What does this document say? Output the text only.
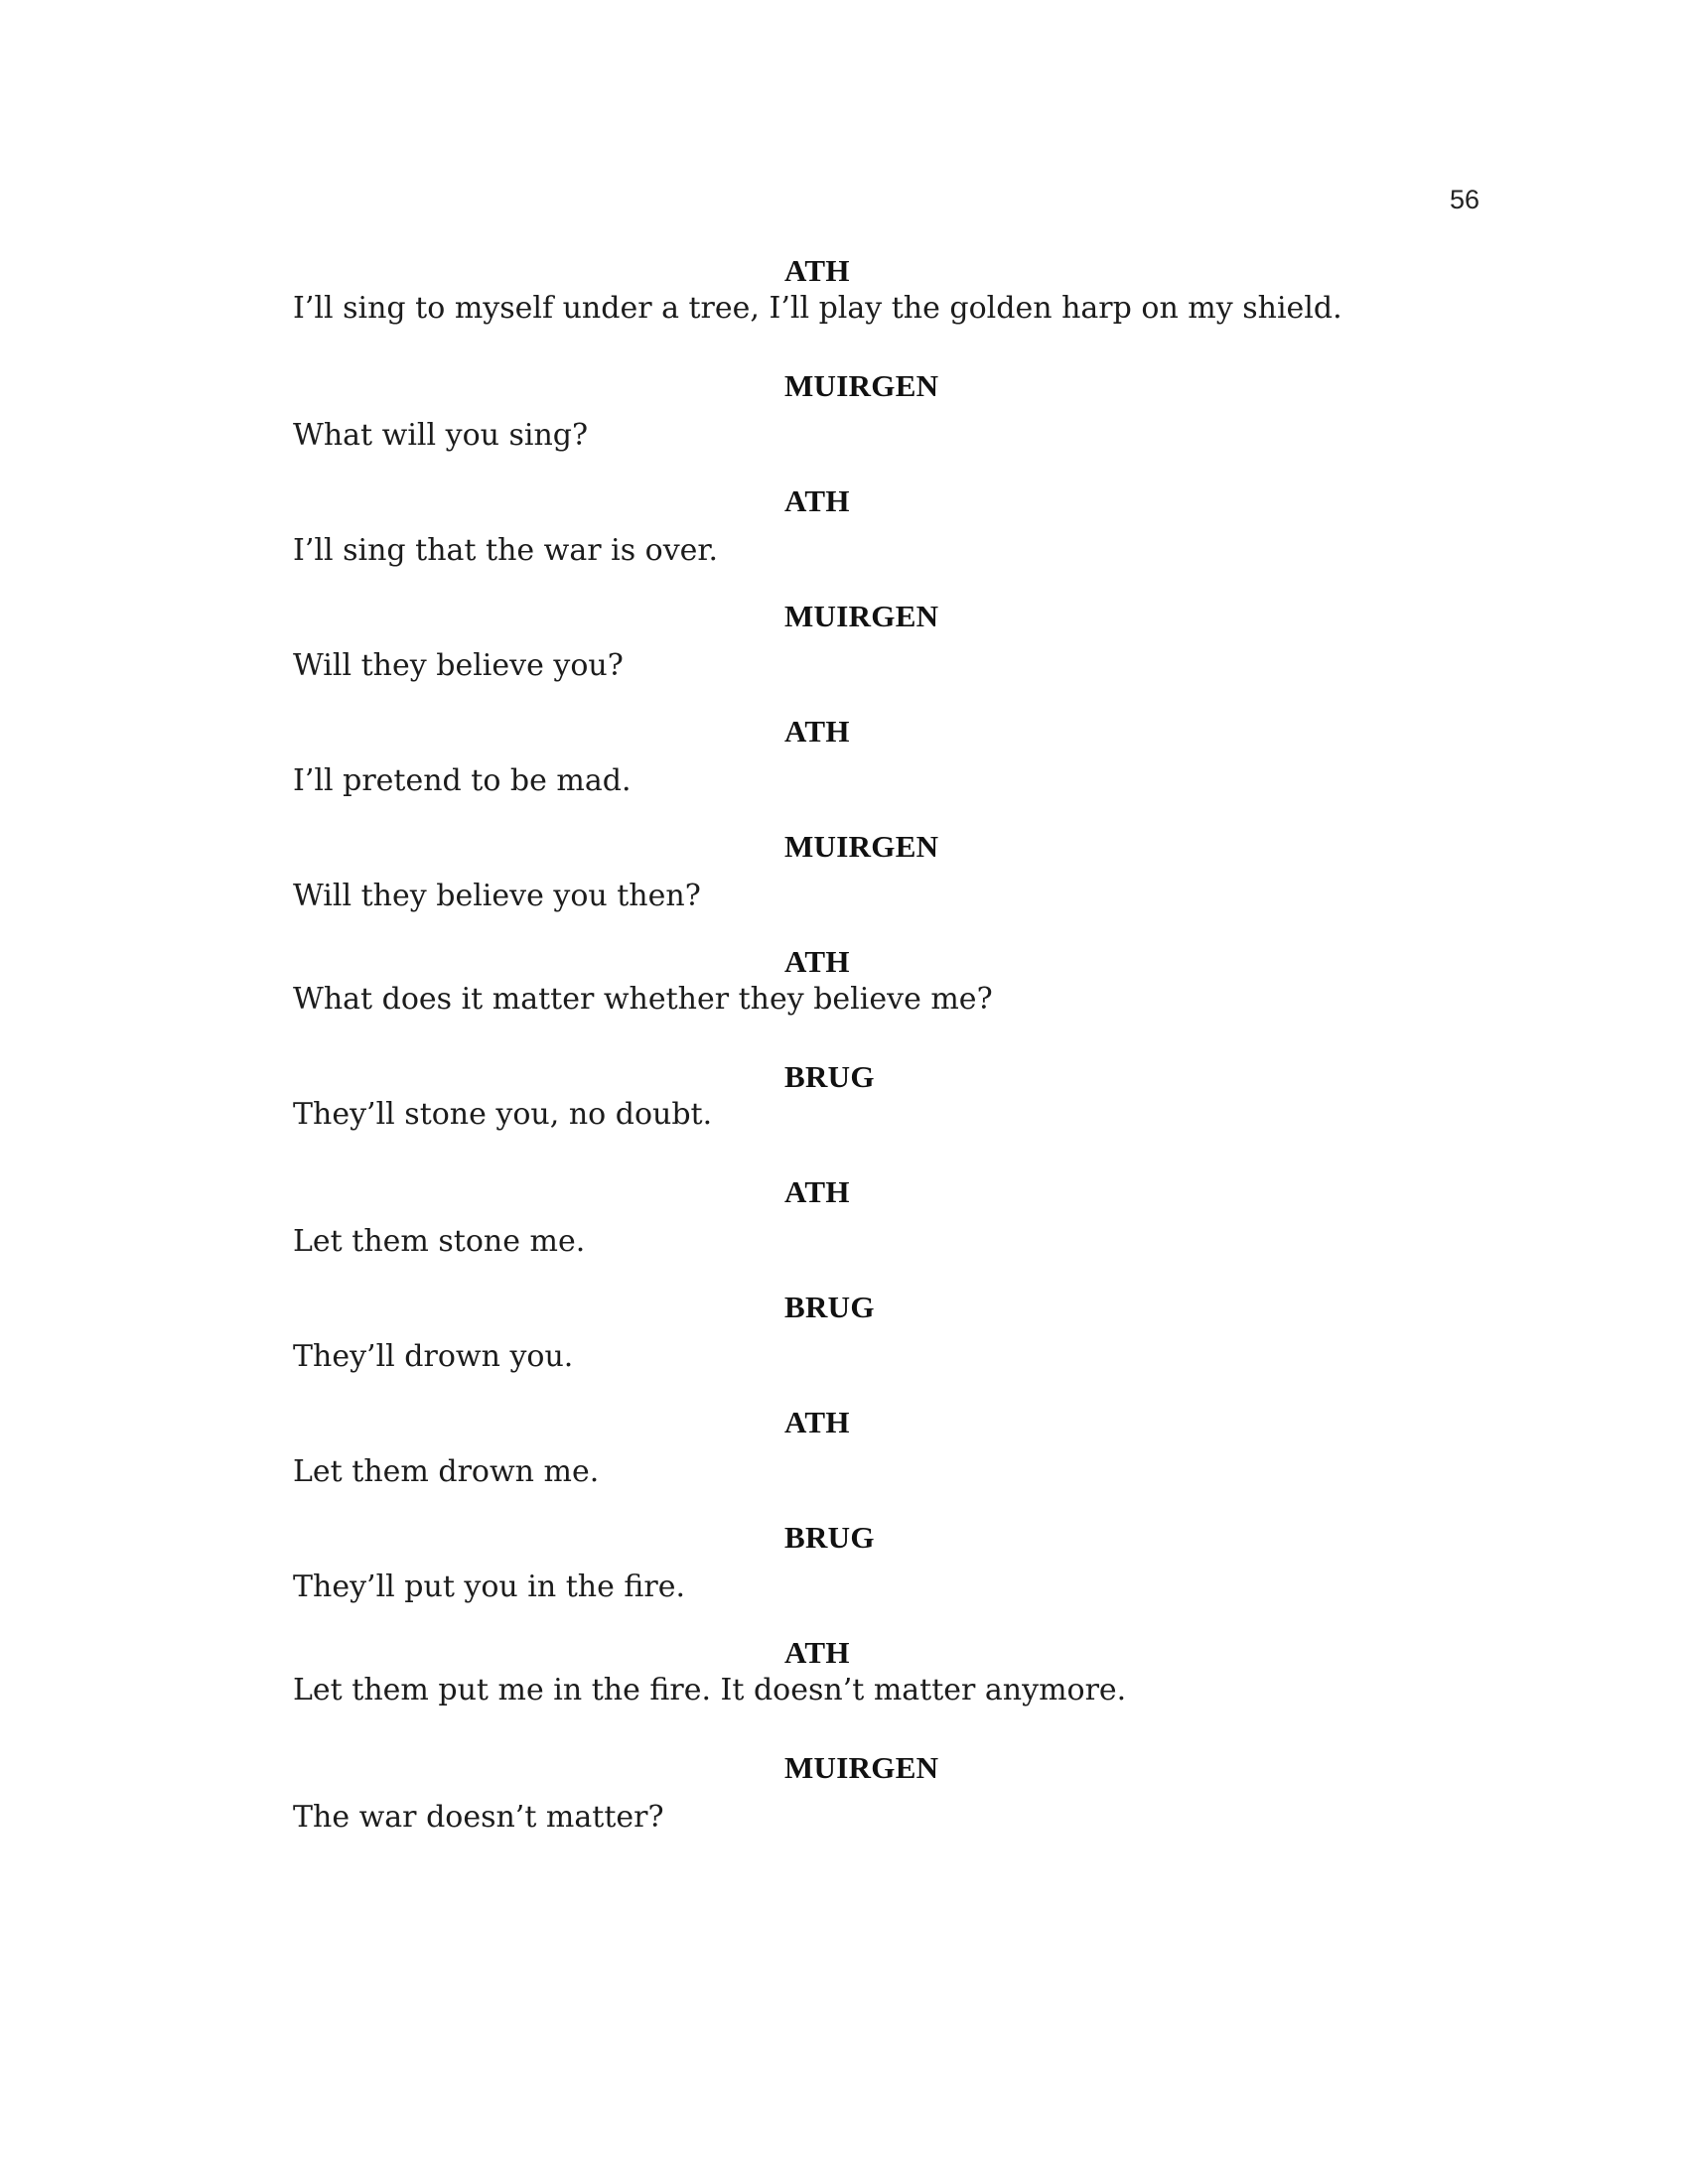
56
ATH
I’ll sing to myself under a tree, I’ll play the golden harp on my shield.
MUIRGEN
What will you sing?
ATH
I’ll sing that the war is over.
MUIRGEN
Will they believe you?
ATH
I’ll pretend to be mad.
MUIRGEN
Will they believe you then?
ATH
What does it matter whether they believe me?
BRUG
They’ll stone you, no doubt.
ATH
Let them stone me.
BRUG
They’ll drown you.
ATH
Let them drown me.
BRUG
They’ll put you in the fire.
ATH
Let them put me in the fire. It doesn’t matter anymore.
MUIRGEN
The war doesn’t matter?
